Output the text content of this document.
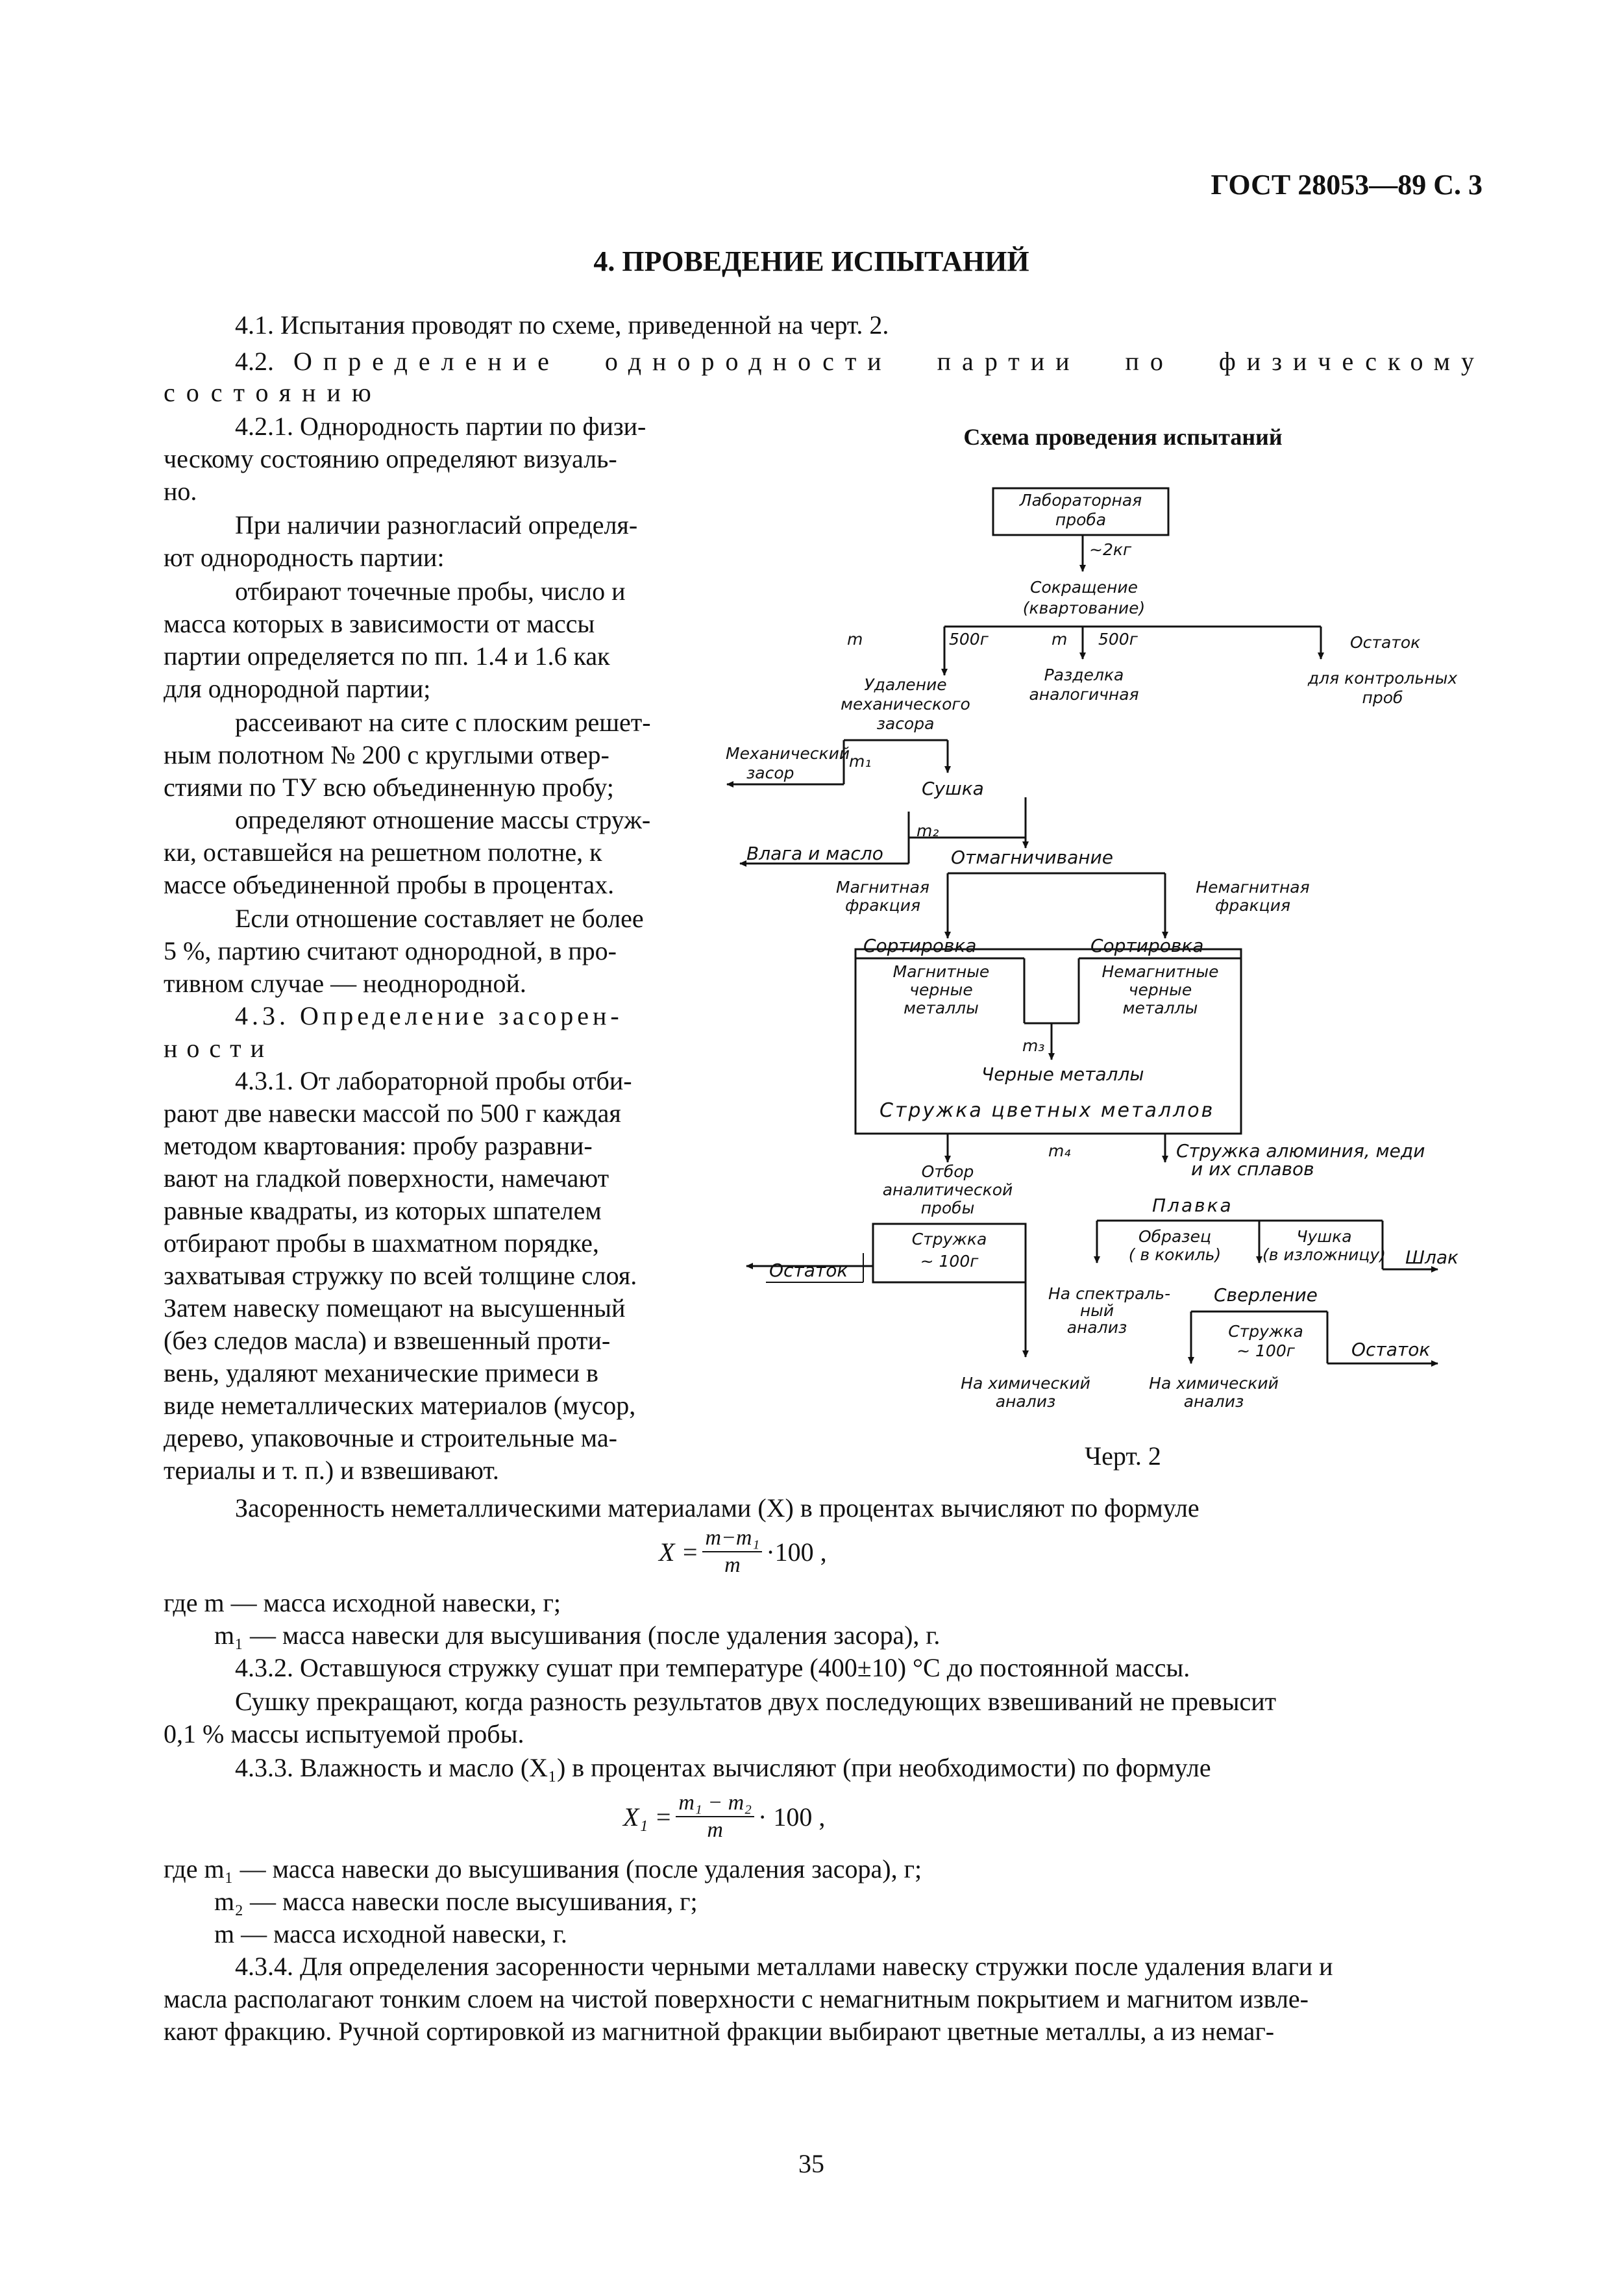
ГОСТ 28053—89 С. 3
4. ПРОВЕДЕНИЕ ИСПЫТАНИЙ
4.1. Испытания проводят по схеме, приведенной на черт. 2.
4.2. Определение однородности партии по физическому
состоянию
4.2.1. Однородность партии по физи-
ческому состоянию определяют визуаль-
но.
При наличии разногласий определя-
ют однородность партии:
отбирают точечные пробы, число и
масса которых в зависимости от массы
партии определяется по пп. 1.4 и 1.6 как
для однородной партии;
рассеивают на сите с плоским решет-
ным полотном № 200 с круглыми отвер-
стиями по ТУ всю объединенную пробу;
определяют отношение массы струж-
ки, оставшейся на решетном полотне, к
массе объединенной пробы в процентах.
Если отношение составляет не более
5 %, партию считают однородной, в про-
тивном случае — неоднородной.
4.3. Определение засорен-
ности
4.3.1. От лабораторной пробы отби-
рают две навески массой по 500 г каждая
методом квартования: пробу разравни-
вают на гладкой поверхности, намечают
равные квадраты, из которых шпателем
отбирают пробы в шахматном порядке,
захватывая стружку по всей толщине слоя.
Затем навеску помещают на высушенный
(без следов масла) и взвешенный проти-
вень, удаляют механические примеси в
виде неметаллических материалов (мусор,
дерево, упаковочные и строительные ма-
териалы и т. п.) и взвешивают.
Схема проведения испытаний
Лабораторная
проба
~2кг
Сокращение
(квартование)
m	500г	m 500г	Остаток
Удаление
механического
засора
Разделка
аналогичная
для контрольных
проб
Механический
засор
m₁
Сушка
m₂
Влага и масло	Отмагничивание
Магнитная
фракция
Немагнитная
фракция
Сортировка	Сортировка
Магнитные
черные
металлы
Немагнитные
черные
металлы
m₃
Черные металлы
Стружка цветных металлов
m₄
Отбор
аналитической
пробы
Стружка алюминия, меди
и их сплавов
Плавка
Стружка
~ 100г
Остаток
Образец
( в кокиль)
Чушка
(в изложницу) Шлак
На спектраль-
ный
анализ
Сверление
Стружка
~ 100г	Остаток
На химический
анализ
На химический
анализ
Черт. 2
Засоренность неметаллическими материалами (X) в процентах вычисляют по формуле
$X = \frac{\text{m−m₁}}{m} \cdot 100$ ,
где m — масса исходной навески, г;
m₁ — масса навески для высушивания (после удаления засора), г.
4.3.2. Оставшуюся стружку сушат при температуре (400±10) °С до постоянной массы.
Сушку прекращают, когда разность результатов двух последующих взвешиваний не превысит
0,1 % массы испытуемой пробы.
4.3.3. Влажность и масло (X₁) в процентах вычисляют (при необходимости) по формуле
$X_1 = \frac{\text{m₁ − m₂}}{m} \cdot 100$ ,
где m₁ — масса навески до высушивания (после удаления засора), г;
m₂ — масса навески после высушивания, г;
m — масса исходной навески, г.
4.3.4. Для определения засоренности черными металлами навеску стружки после удаления влаги и
масла располагают тонким слоем на чистой поверхности с немагнитным покрытием и магнитом извле-
кают фракцию. Ручной сортировкой из магнитной фракции выбирают цветные металлы, а из немаг-
35
